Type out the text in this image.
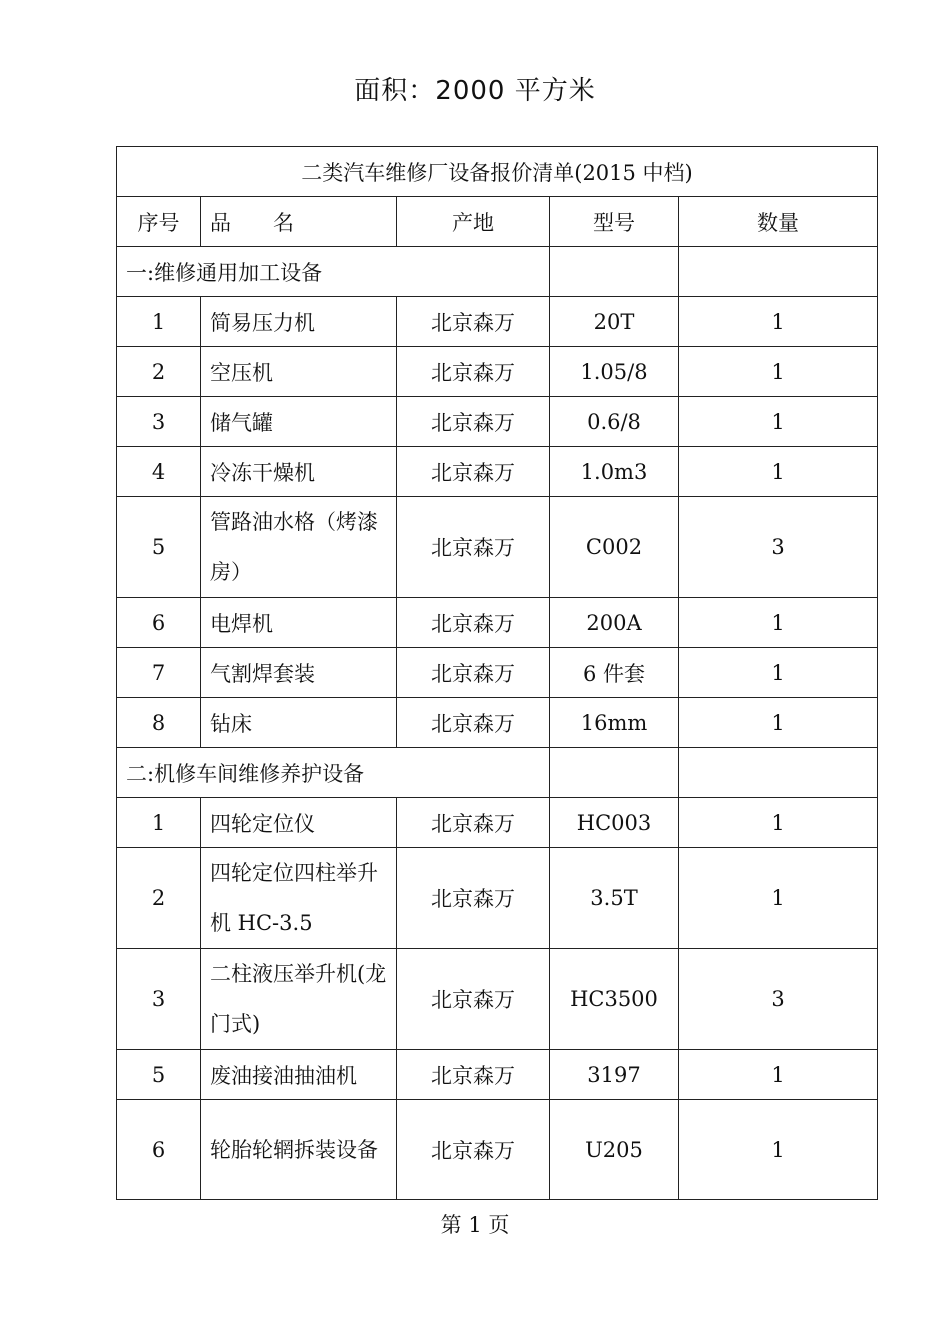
面积：2000 平方米
二类汽车维修厂设备报价清单(2015 中档)				
序号	品　　名	产地	型号	数量
一:维修通用加工设备				
1	简易压力机	北京森万	20T	1
2	空压机	北京森万	1.05/8	1
3	储气罐	北京森万	0.6/8	1
4	冷冻干燥机	北京森万	1.0m3	1
5	管路油水格（烤漆房）	北京森万	C002	3
6	电焊机	北京森万	200A	1
7	气割焊套装	北京森万	6 件套	1
8	钻床	北京森万	16mm	1
二:机修车间维修养护设备				
1	四轮定位仪	北京森万	HC003	1
2	四轮定位四柱举升机 HC-3.5	北京森万	3.5T	1
3	二柱液压举升机(龙门式)	北京森万	HC3500	3
5	废油接油抽油机	北京森万	3197	1
6	轮胎轮辋拆装设备	北京森万	U205	1
第 1 页
